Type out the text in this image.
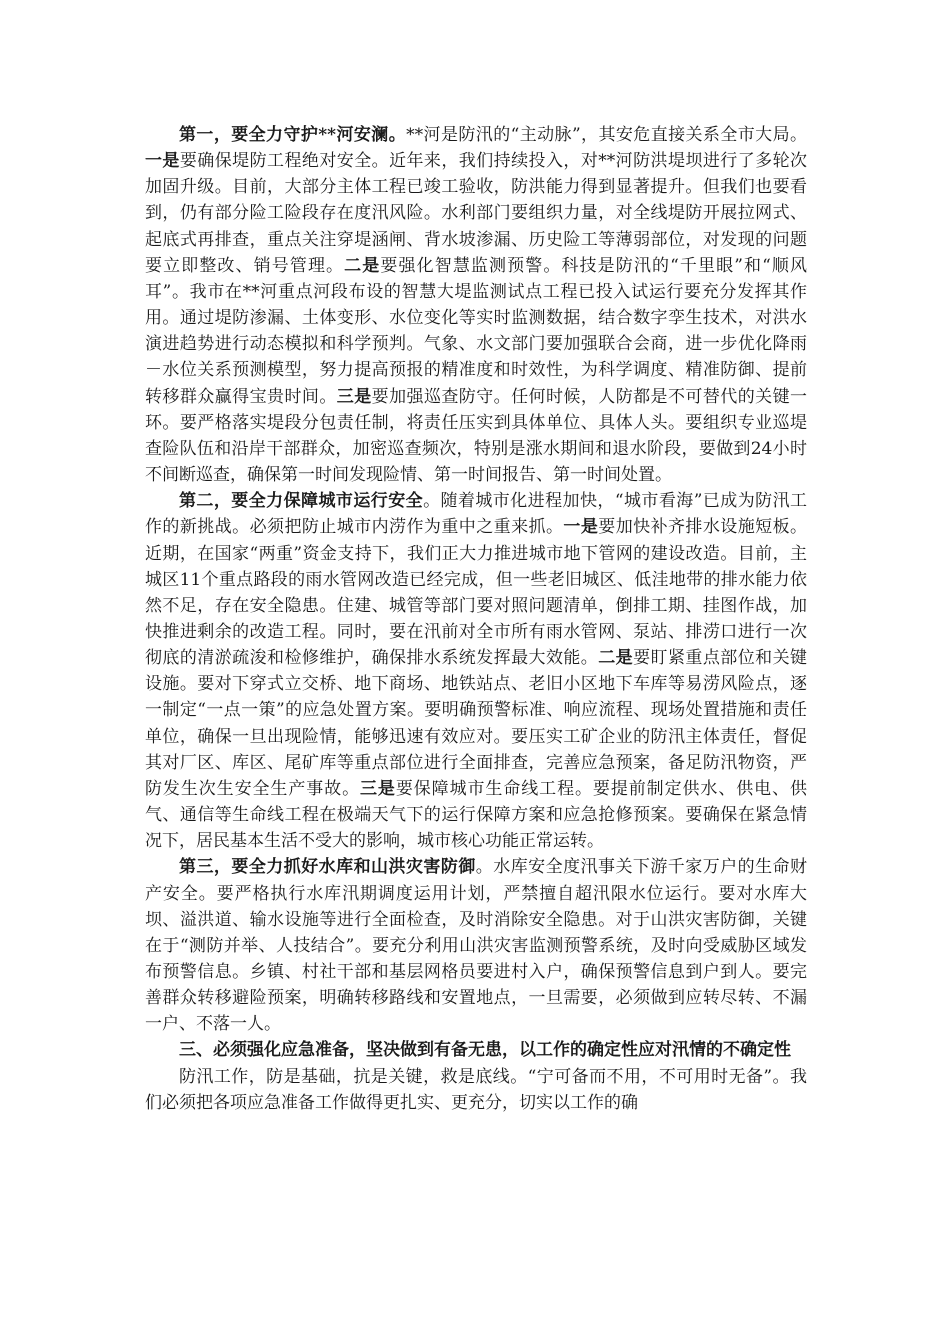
第一，要全力守护**河安澜。**河是防汛的“主动脉”，其安危直接关系全市大局。一是要确保堤防工程绝对安全。近年来，我们持续投入，对**河防洪堤坝进行了多轮次加固升级。目前，大部分主体工程已竣工验收，防洪能力得到显著提升。但我们也要看到，仍有部分险工险段存在度汛风险。水利部门要组织力量，对全线堤防开展拉网式、起底式再排查，重点关注穿堤涵闸、背水坡渗漏、历史险工等薄弱部位，对发现的问题要立即整改、销号管理。二是要强化智慧监测预警。科技是防汛的“千里眼”和“顺风耳”。我市在**河重点河段布设的智慧大堤监测试点工程已投入试运行要充分发挥其作用。通过堤防渗漏、土体变形、水位变化等实时监测数据，结合数字孪生技术，对洪水演进趋势进行动态模拟和科学预判。气象、水文部门要加强联合会商，进一步优化降雨－水位关系预测模型，努力提高预报的精准度和时效性，为科学调度、精准防御、提前转移群众赢得宝贵时间。三是要加强巡查防守。任何时候，人防都是不可替代的关键一环。要严格落实堤段分包责任制，将责任压实到具体单位、具体人头。要组织专业巡堤查险队伍和沿岸干部群众，加密巡查频次，特别是涨水期间和退水阶段，要做到24小时不间断巡查，确保第一时间发现险情、第一时间报告、第一时间处置。

第二，要全力保障城市运行安全。随着城市化进程加快，“城市看海”已成为防汛工作的新挑战。必须把防止城市内涝作为重中之重来抓。一是要加快补齐排水设施短板。近期，在国家“两重”资金支持下，我们正大力推进城市地下管网的建设改造。目前，主城区11个重点路段的雨水管网改造已经完成，但一些老旧城区、低洼地带的排水能力依然不足，存在安全隐患。住建、城管等部门要对照问题清单，倒排工期、挂图作战，加快推进剩余的改造工程。同时，要在汛前对全市所有雨水管网、泵站、排涝口进行一次彻底的清淤疏浚和检修维护，确保排水系统发挥最大效能。二是要盯紧重点部位和关键设施。要对下穿式立交桥、地下商场、地铁站点、老旧小区地下车库等易涝风险点，逐一制定“一点一策”的应急处置方案。要明确预警标准、响应流程、现场处置措施和责任单位，确保一旦出现险情，能够迅速有效应对。要压实工矿企业的防汛主体责任，督促其对厂区、库区、尾矿库等重点部位进行全面排查，完善应急预案，备足防汛物资，严防发生次生安全生产事故。三是要保障城市生命线工程。要提前制定供水、供电、供气、通信等生命线工程在极端天气下的运行保障方案和应急抢修预案。要确保在紧急情况下，居民基本生活不受大的影响，城市核心功能正常运转。

第三，要全力抓好水库和山洪灾害防御。水库安全度汛事关下游千家万户的生命财产安全。要严格执行水库汛期调度运用计划，严禁擅自超汛限水位运行。要对水库大坝、溢洪道、输水设施等进行全面检查，及时消除安全隐患。对于山洪灾害防御，关键在于“测防并举、人技结合”。要充分利用山洪灾害监测预警系统，及时向受威胁区域发布预警信息。乡镇、村社干部和基层网格员要进村入户，确保预警信息到户到人。要完善群众转移避险预案，明确转移路线和安置地点，一旦需要，必须做到应转尽转、不漏一户、不落一人。

三、必须强化应急准备，坚决做到有备无患，以工作的确定性应对汛情的不确定性

防汛工作，防是基础，抗是关键，救是底线。“宁可备而不用，不可用时无备”。我们必须把各项应急准备工作做得更扎实、更充分，切实以工作的确
